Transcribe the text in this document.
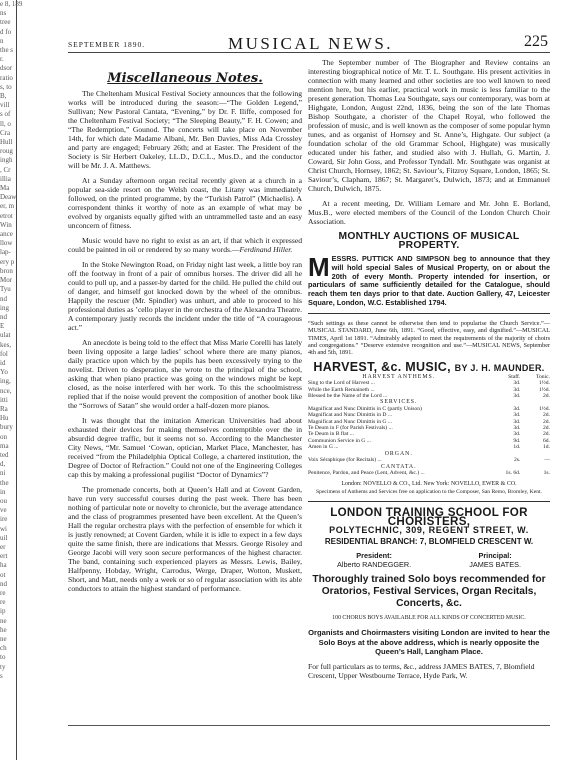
e 8, 189
ns
tree
d fo
n
the s
r.
dsor
ratio
s, to
B,
vill
s of
ll, o
Cra
Hull
roug
ingh
, Cr
illia
Ma
Deaw
er, m
etrot
Win
ance
llow
lap-
ery p
bron
Mor
Tyu
nd
ing
nd
E
ulat
kes,
fol
id
Yo
ing,
nce,
itti
Ra
Hu
bury
on
ma
ted
d,
ni
the
in
ou
ve
ire
wi
uil
er
ert
ha
ot
nd
re
re
ip
ne
he
ne
ch
to
ty
s
SEPTEMBER 1890.	MUSICAL NEWS.	225
Miscellaneous Notes.

The Cheltenham Musical Festival Society announces that the following works will be introduced during the season:—“The Golden Legend,” Sullivan; New Pastoral Cantata, “Evening,” by Dr. F. Iliffe, composed for the Cheltenham Festival Society; “The Sleeping Beauty,” F. H. Cowen; and “The Redemption,” Gounod. The concerts will take place on November 14th, for which date Madame Albani, Mr. Ben Davies, Miss Ada Crossley and party are engaged; February 26th; and at Easter. The President of the Society is Sir Herbert Oakeley, LL.D., D.C.L., Mus.D., and the conductor will be Mr. J. A. Matthews.

At a Sunday afternoon organ recital recently given at a church in a popular sea-side resort on the Welsh coast, the Litany was immediately followed, on the printed programme, by the “Turkish Patrol” (Michaelis). A correspondent thinks it worthy of note as an example of what may be evolved by organists equally gifted with an untrammelled taste and an easy unconcern of fitness.

Music would have no right to exist as an art, if that which it expressed could be painted in oil or rendered by so many words.—Ferdinand Hiller.

In the Stoke Newington Road, on Friday night last week, a little boy ran off the footway in front of a pair of omnibus horses. The driver did all he could to pull up, and a passer-by darted for the child. He pulled the child out of danger, and himself got knocked down by the wheel of the omnibus. Happily the rescuer (Mr. Spindler) was unhurt, and able to proceed to his professional duties as ’cello player in the orchestra of the Alexandra Theatre. A contemporary justly records the incident under the title of “A courageous act.”

An anecdote is being told to the effect that Miss Marie Corelli has lately been living opposite a large ladies’ school where there are many pianos, daily practice upon which by the pupils has been excessively trying to the novelist. Driven to desperation, she wrote to the principal of the school, asking that when piano practice was going on the windows might be kept closed, as the noise interfered with her work. To this the schoolmistress replied that if the noise would prevent the composition of another book like the “Sorrows of Satan” she would order a half-dozen more pianos.

It was thought that the imitation American Universities had about exhausted their devices for making themselves contemptible over the in absurdid degree traffic, but it seems not so. According to the Manchester City News, “Mr. Samuel ‘Cowan, optician, Market Place, Manchester, has received “from the Philadelphia Optical College, a chartered institution, the Degree of Doctor of Refraction.” Could not one of the Engineering Colleges cap this by making a professional pugilist “Doctor of Dynamics”?

The promenade concerts, both at Queen’s Hall and at Covent Garden, have run very successful courses during the past week. There has been nothing of particular note or novelty to chronicle, but the average attendance and the class of programmes presented have been excellent. At the Queen’s Hall the regular orchestra plays with the perfection of ensemble for which it is justly renowned; at Covent Garden, while it is idle to expect in a few days quite the same finish, there are indications that Messrs. George Risoley and George Jacobi will very soon secure performances of the highest character. The band, containing such experienced players as Messrs. Lewis, Bailey, Halfpenny, Hobday, Wright, Carrodus, Werge, Draper, Wotton, Muskett, Short, and Matt, needs only a week or so of regular association with its able conductors to attain the highest standard of performance.

The September number of The Biographer and Review contains an interesting biographical notice of Mr. T. L. Southgate. His present activities in connection with many learned and other societies are too well known to need mention here, but his earlier, practical work in music is less familiar to the present generation. Thomas Lea Southgate, says our contemporary, was born at Highgate, London, August 22nd, 1836, being the son of the late Thomas Bishop Southgate, a chorister of the Chapel Royal, who followed the profession of music, and is well known as the composer of some popular hymn tunes, and as organist of Hornsey and St. Anne’s, Highgate. Our subject (a foundation scholar of the old Grammar School, Highgate) was musically educated under his father, and studied also with J. Hullah, G. Martin, J. Coward, Sir John Goss, and Professor Tyndall. Mr. Southgate was organist at Christ Church, Hornsey, 1862; St. Saviour’s, Fitzroy Square, London, 1865; St. Saviour’s, Clapham, 1867; St. Margaret’s, Dulwich, 1873; and at Emmanuel Church, Dulwich, 1875.

At a recent meeting, Dr. William Lemare and Mr. John E. Borland, Mus.B., were elected members of the Council of the London Church Choir Association.

MONTHLY AUCTIONS OF MUSICAL PROPERTY.
MESSRS. PUTTICK AND SIMPSON beg to announce that they will hold special Sales of Musical Property, on or about the 20th of every Month. Property intended for insertion, or particulars of same sufficiently detailed for the Catalogue, should reach them ten days prior to that date. Auction Gallery, 47, Leicester Square, London, W.C. Established 1794.
“Such settings as these cannot be otherwise then tend to popularise the Church Service.”—MUSICAL STANDARD, June 6th, 1891. “Good, effective, easy, and dignified.”—MUSICAL TIMES, April 1st 1891. “Admirably adapted to meet the requirements of the majority of choirs and congregations.” “Deserve extensive recognition and use.”—MUSICAL NEWS, September 4th and 5th, 1891.
HARVEST, &c. MUSIC, BY J. H. MAUNDER.
HARVEST ANTHEMS.	Staff.	Tonic.
Sing to the Lord of Harvest ...	3d.	1½d.
While the Earth Remaineth ...	3d.	1½d.
Blessed be the Name of the Lord ...	3d.	2d.
SERVICES.		
Magnificat and Nunc Dimittis in C (partly Unison)	3d.	1½d.
Magnificat and Nunc Dimittis in D ...	3d.	2d.
Magnificat and Nunc Dimittis in G ...	3d.	2d.
Te Deum in F (for Parish Festivals) ...	3d.	2d.
Te Deum in B flat ...	3d.	2d.
Communion Service in G ...	9d.	6d.
Amen in G ...	1d.	1d.
ORGAN.		
Voix Séraphique (for Recitals) ...	2s.	—
CANTATA.		
Penitence, Pardon, and Peace (Lent, Advent, &c.) ...	1s. 6d.	1s.
London: NOVELLO & CO., Ltd. New York: NOVELLO, EWER & CO.
Specimens of Anthems and Services free on application to the Composer, San Remo, Bromley, Kent.
LONDON TRAINING SCHOOL FOR CHORISTERS,
POLYTECHNIC, 309, REGENT STREET, W.
RESIDENTIAL BRANCH: 7, BLOMFIELD CRESCENT W.
President:
Alberto RANDEGGER.
Principal:
JAMES BATES.
Thoroughly trained Solo boys recommended for Oratorios, Festival Services, Organ Recitals, Concerts, &c.
100 CHORUS BOYS AVAILABLE FOR ALL KINDS OF CONCERTED MUSIC.
Organists and Choirmasters visiting London are invited to hear the Solo Boys at the above address, which is nearly opposite the Queen’s Hall, Langham Place.
For full particulars as to terms, &c., address JAMES BATES, 7, Blomfield Crescent, Upper Westbourne Terrace, Hyde Park, W.
